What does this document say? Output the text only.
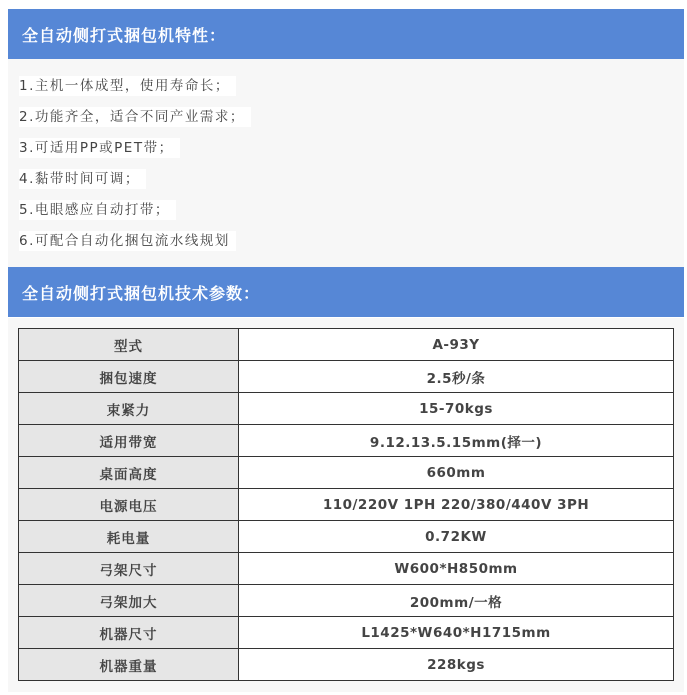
全自动侧打式捆包机特性：
1.主机一体成型，使用寿命长；
2.功能齐全，适合不同产业需求；
3.可适用PP或PET带；
4.黏带时间可调；
5.电眼感应自动打带；
6.可配合自动化捆包流水线规划
全自动侧打式捆包机技术参数：
型式	A-93Y
捆包速度	2.5秒/条
束紧力	15-70kgs
适用带宽	9.12.13.5.15mm(择一)
桌面高度	660mm
电源电压	110/220V 1PH 220/380/440V 3PH
耗电量	0.72KW
弓架尺寸	W600*H850mm
弓架加大	200mm/一格
机器尺寸	L1425*W640*H1715mm
机器重量	228kgs
